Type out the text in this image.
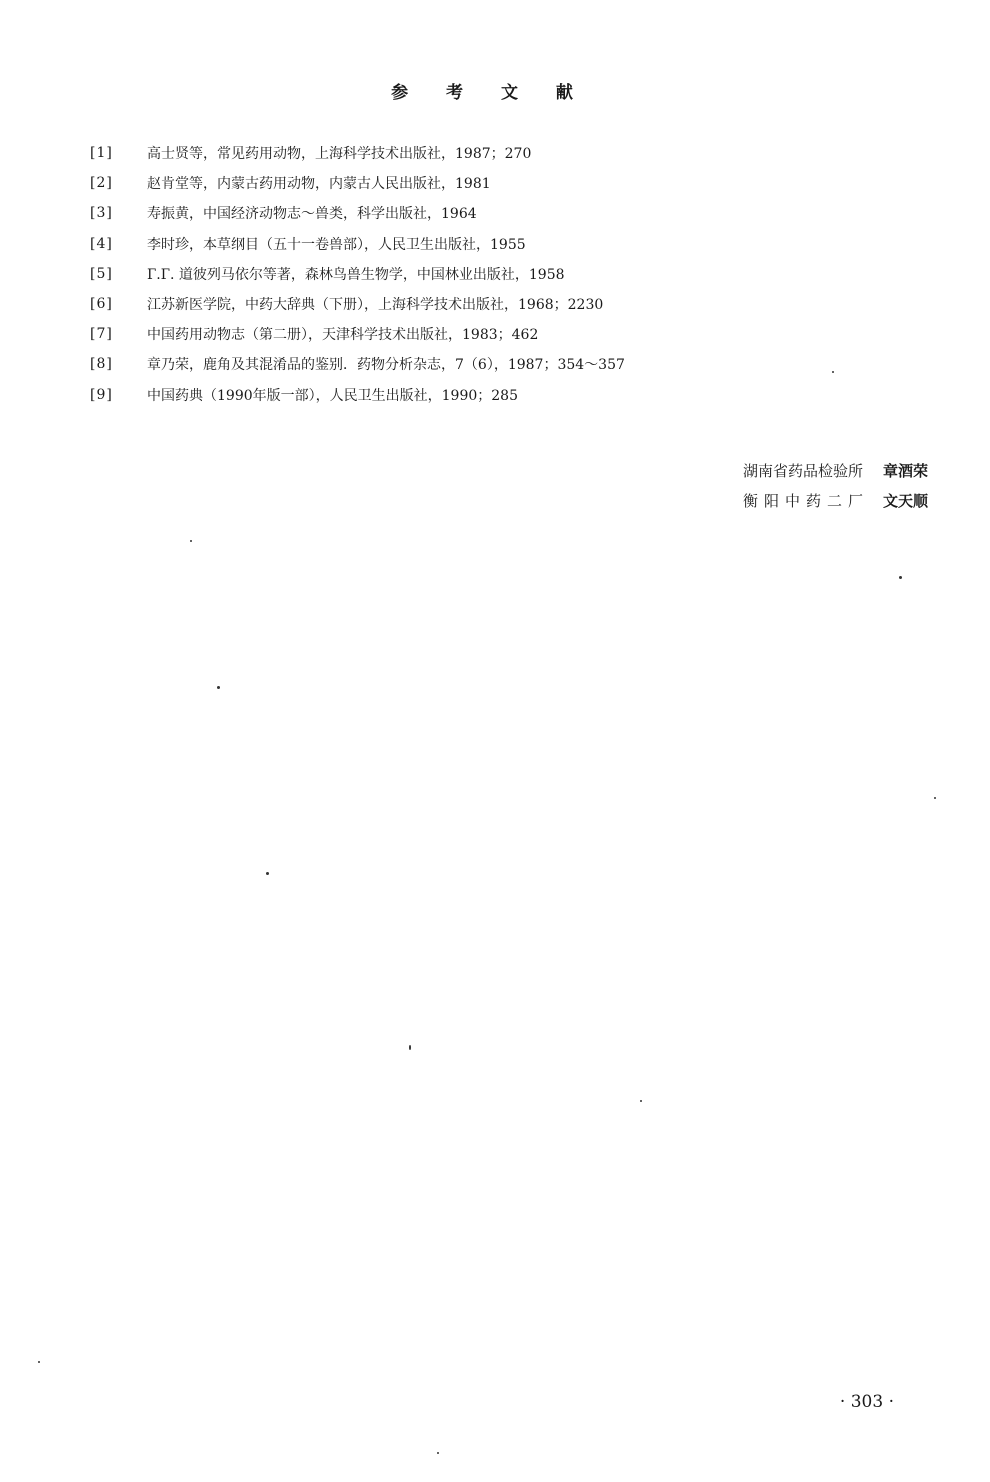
参 考 文 献
[1]	高士贤等，常见药用动物，上海科学技术出版社，1987；270
[2]	赵肯堂等，内蒙古药用动物，内蒙古人民出版社，1981
[3]	寿振黄，中国经济动物志～兽类，科学出版社，1964
[4]	李时珍，本草纲目（五十一卷兽部），人民卫生出版社，1955
[5]	Г.Г. 道彼列马依尔等著，森林鸟兽生物学，中国林业出版社，1958
[6]	江苏新医学院，中药大辞典（下册），上海科学技术出版社，1968；2230
[7]	中国药用动物志（第二册），天津科学技术出版社，1983；462
[8]	章乃荣，鹿角及其混淆品的鉴别．药物分析杂志，7（6），1987；354～357
[9]	中国药典（1990年版一部），人民卫生出版社，1990；285
湖南省药品检验所 章酒荣
衡阳中药二厂 文天顺
· 303 ·
